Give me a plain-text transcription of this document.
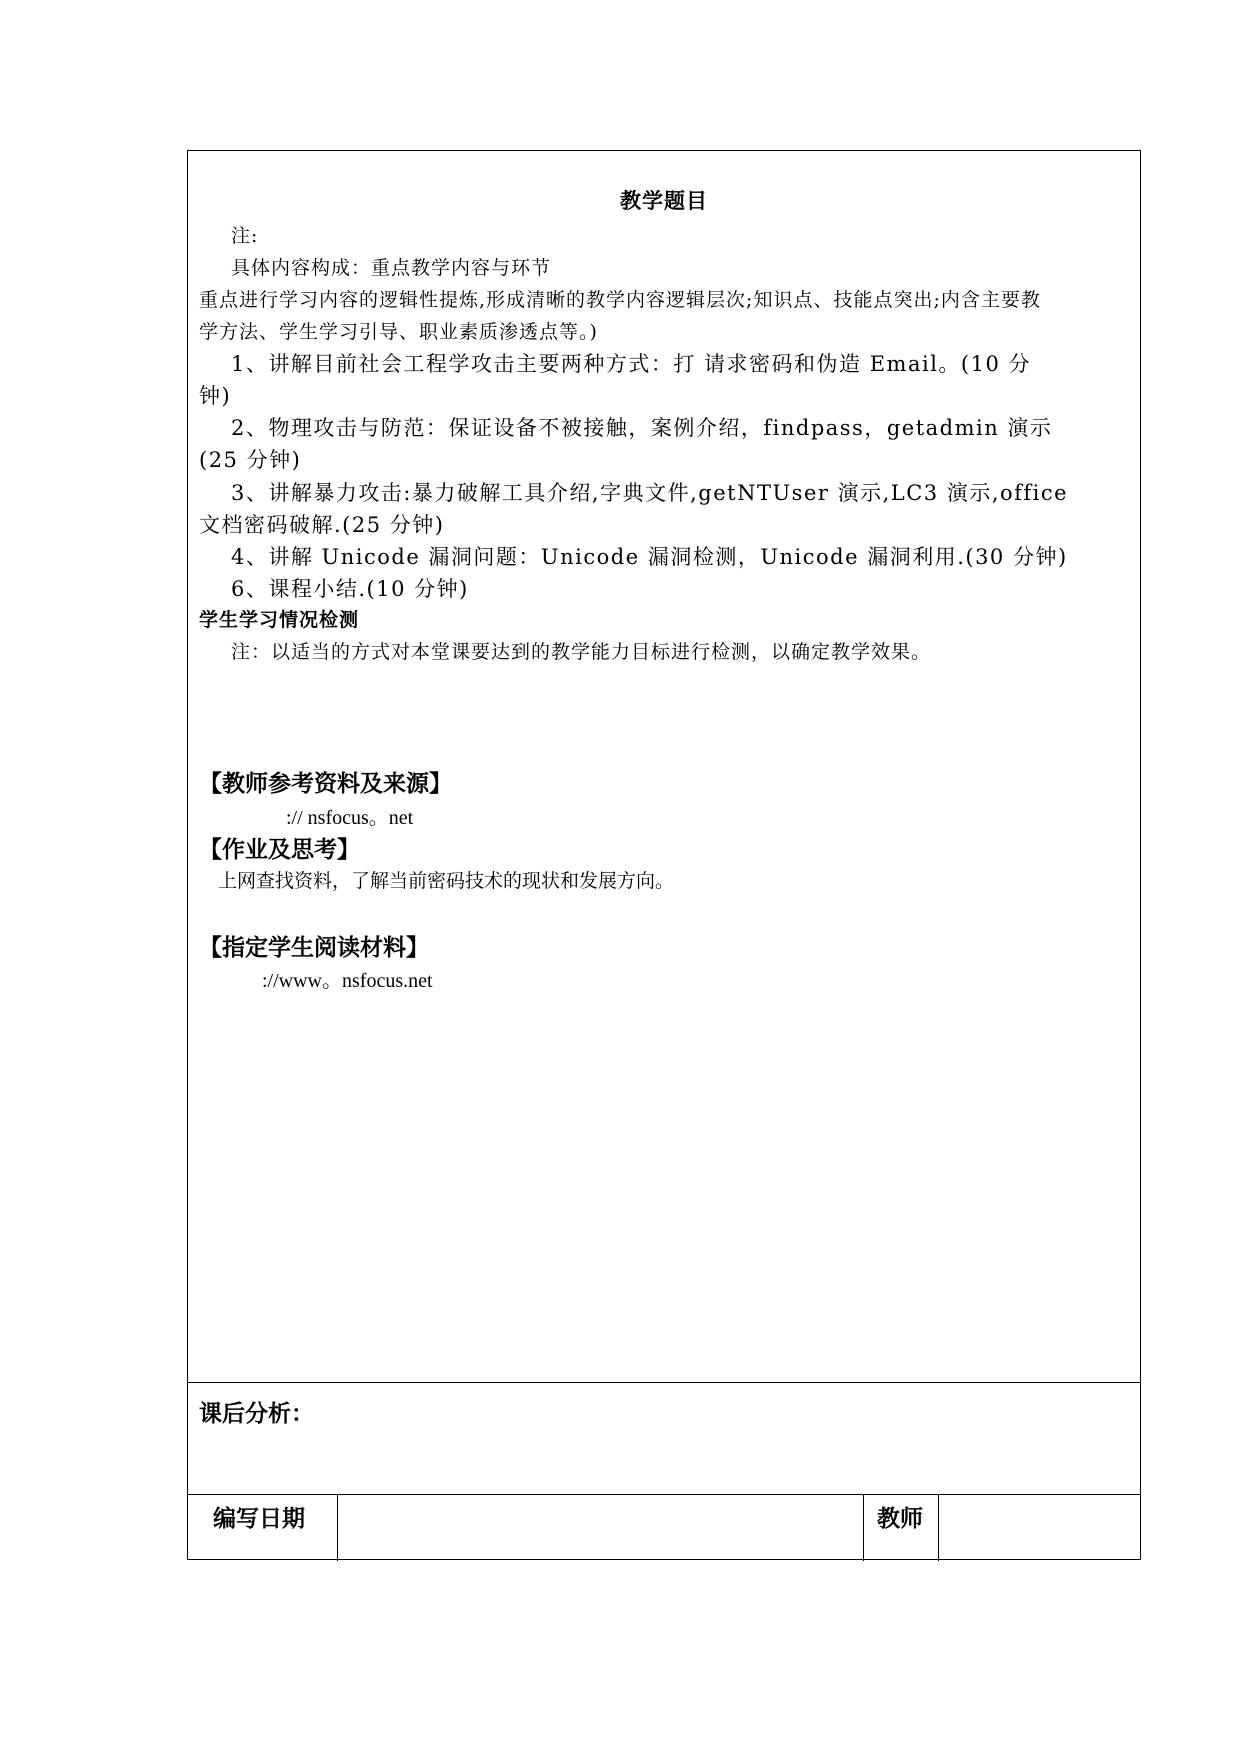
教学题目
注:
具体内容构成：重点教学内容与环节
重点进行学习内容的逻辑性提炼,形成清晰的教学内容逻辑层次;知识点、技能点突出;内含主要教
学方法、学生学习引导、职业素质渗透点等。)
1、讲解目前社会工程学攻击主要两种方式：打 请求密码和伪造 Email。(10 分
钟)
2、物理攻击与防范：保证设备不被接触，案例介绍，findpass，getadmin 演示
(25 分钟)
3、讲解暴力攻击:暴力破解工具介绍,字典文件,getNTUser 演示,LC3 演示,office
文档密码破解.(25 分钟)
4、讲解 Unicode 漏洞问题：Unicode 漏洞检测，Unicode 漏洞利用.(30 分钟)
6、课程小结.(10 分钟)
学生学习情况检测
注：以适当的方式对本堂课要达到的教学能力目标进行检测，以确定教学效果。
【教师参考资料及来源】
:// nsfocus。net
【作业及思考】
上网查找资料，了解当前密码技术的现状和发展方向。
【指定学生阅读材料】
://www。nsfocus.net
课后分析：
编写日期	教师
